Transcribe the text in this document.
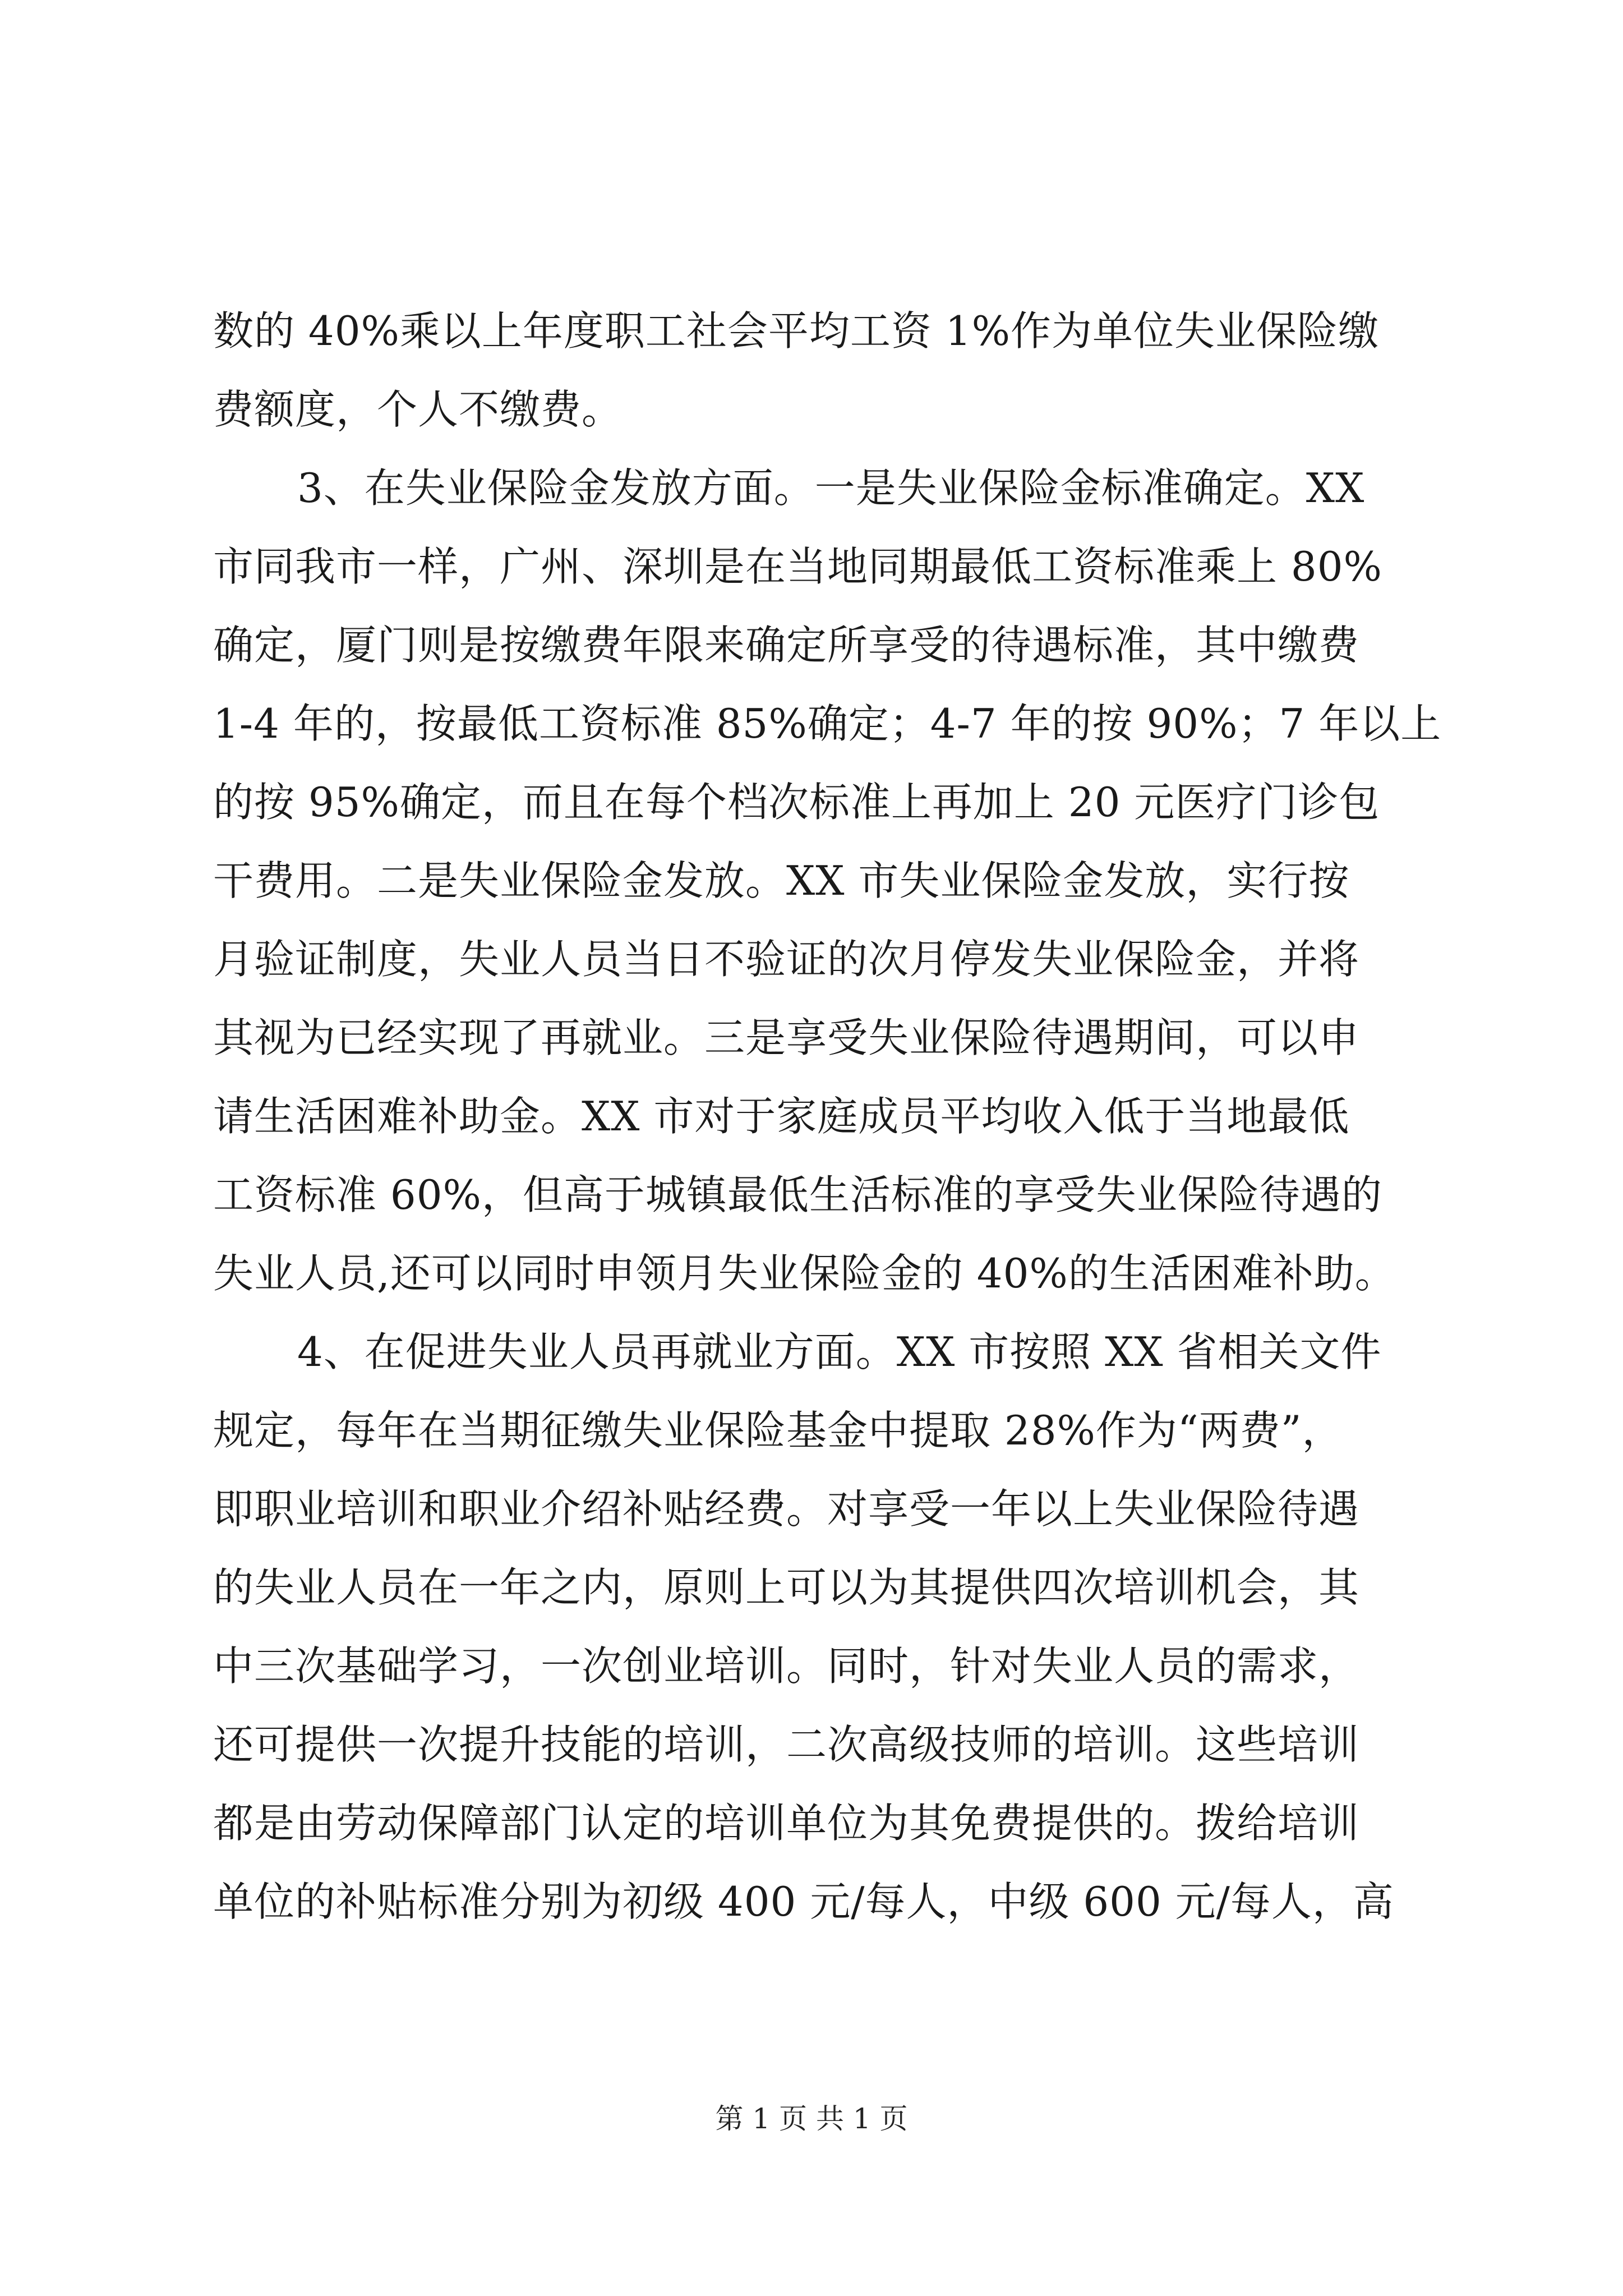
数的 40%乘以上年度职工社会平均工资 1%作为单位失业保险缴
费额度，个人不缴费。
3、在失业保险金发放方面。一是失业保险金标准确定。XX
市同我市一样，广州、深圳是在当地同期最低工资标准乘上 80%
确定，厦门则是按缴费年限来确定所享受的待遇标准，其中缴费
1-4 年的，按最低工资标准 85%确定；4-7 年的按 90%；7 年以上
的按 95%确定，而且在每个档次标准上再加上 20 元医疗门诊包
干费用。二是失业保险金发放。XX 市失业保险金发放，实行按
月验证制度，失业人员当日不验证的次月停发失业保险金，并将
其视为已经实现了再就业。三是享受失业保险待遇期间，可以申
请生活困难补助金。XX 市对于家庭成员平均收入低于当地最低
工资标准 60%，但高于城镇最低生活标准的享受失业保险待遇的
失业人员,还可以同时申领月失业保险金的 40%的生活困难补助。
4、在促进失业人员再就业方面。XX 市按照 XX 省相关文件
规定，每年在当期征缴失业保险基金中提取 28%作为“两费”，
即职业培训和职业介绍补贴经费。对享受一年以上失业保险待遇
的失业人员在一年之内，原则上可以为其提供四次培训机会，其
中三次基础学习，一次创业培训。同时，针对失业人员的需求，
还可提供一次提升技能的培训，二次高级技师的培训。这些培训
都是由劳动保障部门认定的培训单位为其免费提供的。拨给培训
单位的补贴标准分别为初级 400 元/每人，中级 600 元/每人，高
第 1 页 共 1 页
